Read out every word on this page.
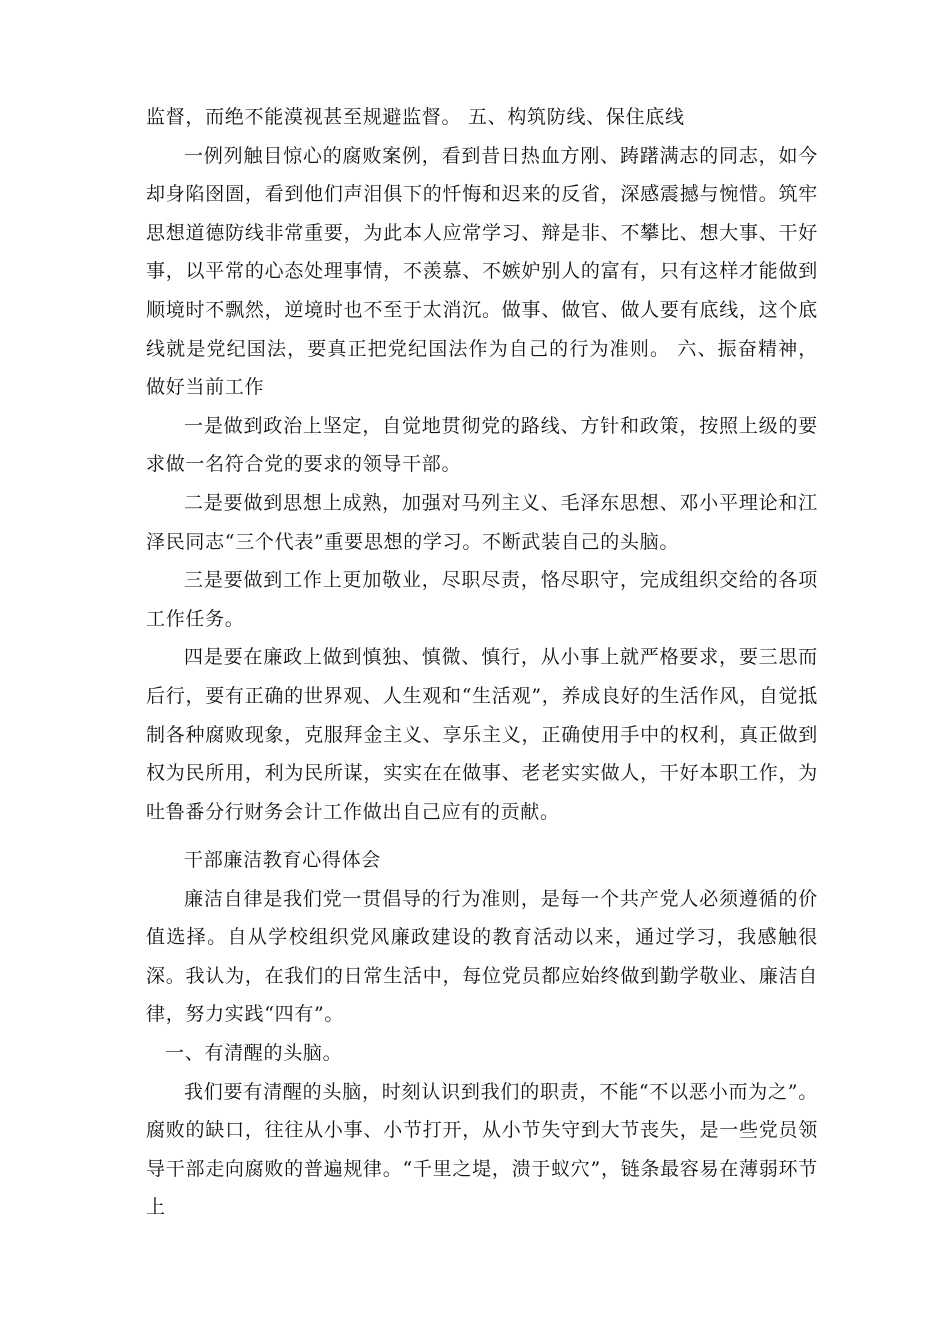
监督，而绝不能漠视甚至规避监督。 五、构筑防线、保住底线

一例列触目惊心的腐败案例，看到昔日热血方刚、踌躇满志的同志，如今却身陷囹圄，看到他们声泪俱下的忏悔和迟来的反省，深感震撼与惋惜。筑牢思想道德防线非常重要，为此本人应常学习、辩是非、不攀比、想大事、干好事，以平常的心态处理事情，不羡慕、不嫉妒别人的富有，只有这样才能做到顺境时不飘然，逆境时也不至于太消沉。做事、做官、做人要有底线，这个底线就是党纪国法，要真正把党纪国法作为自己的行为准则。 六、振奋精神，做好当前工作

一是做到政治上坚定，自觉地贯彻党的路线、方针和政策，按照上级的要求做一名符合党的要求的领导干部。

二是要做到思想上成熟，加强对马列主义、毛泽东思想、邓小平理论和江泽民同志“三个代表”重要思想的学习。不断武装自己的头脑。

三是要做到工作上更加敬业，尽职尽责，恪尽职守，完成组织交给的各项工作任务。

四是要在廉政上做到慎独、慎微、慎行，从小事上就严格要求，要三思而后行，要有正确的世界观、人生观和“生活观”，养成良好的生活作风，自觉抵制各种腐败现象，克服拜金主义、享乐主义，正确使用手中的权利，真正做到权为民所用，利为民所谋，实实在在做事、老老实实做人，干好本职工作，为吐鲁番分行财务会计工作做出自己应有的贡献。

干部廉洁教育心得体会

廉洁自律是我们党一贯倡导的行为准则，是每一个共产党人必须遵循的价值选择。自从学校组织党风廉政建设的教育活动以来，通过学习，我感触很深。我认为，在我们的日常生活中，每位党员都应始终做到勤学敬业、廉洁自律，努力实践“四有”。

一、有清醒的头脑。

我们要有清醒的头脑，时刻认识到我们的职责，不能“不以恶小而为之”。腐败的缺口，往往从小事、小节打开，从小节失守到大节丧失，是一些党员领导干部走向腐败的普遍规律。“千里之堤，溃于蚁穴”，链条最容易在薄弱环节上
